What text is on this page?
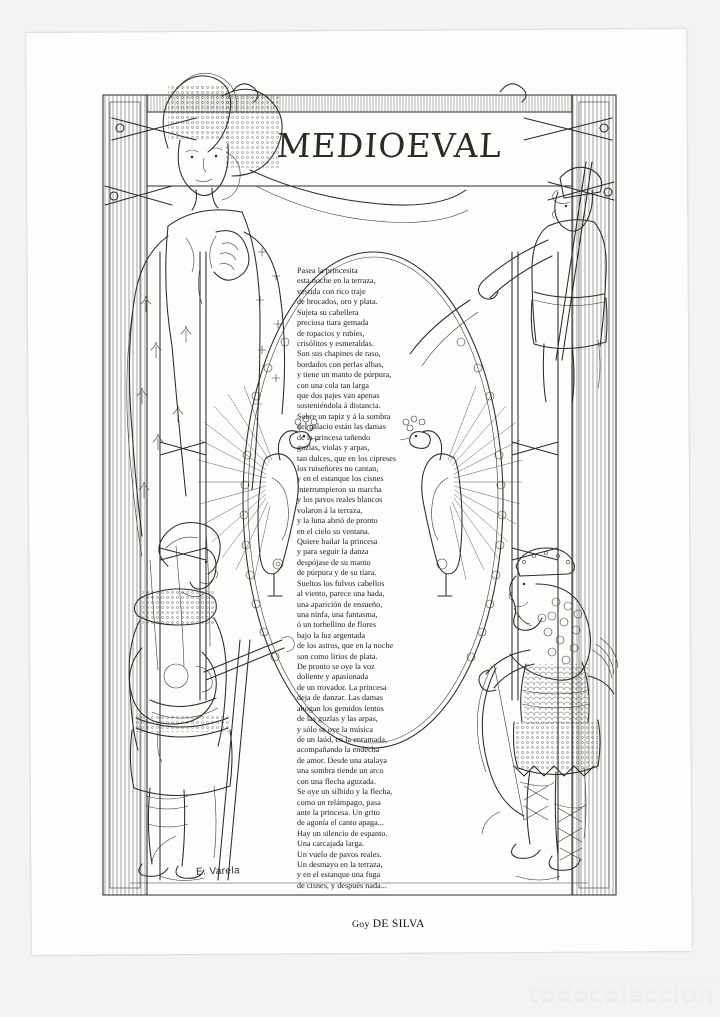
MEDIOEVAL
Pasea la princesita
esta noche en la terraza,
vestida con rico traje
de brocados, oro y plata.
Sujeta su cabellera
preciosa tiara gemada
de topacios y rubíes,
crisólitos y esmeraldas.
Son sus chapines de raso,
bordados con perlas albas,
y tiene un manto de púrpura,
con una cola tan larga
que dos pajes van apenas
sosteniéndola á distancia.
Sobre un tapiz y á la sombra
del palacio están las damas
de la princesa tañendo
guzlas, violas y arpas,
tan dulces, que en los cipreses
los ruiseñores no cantan,
y en el estanque los cisnes
interrumpieron su marcha
y los pavos reales blancos
volaron á la terraza,
y la luna abrió de pronto
en el cielo su ventana.
Quiere bailar la princesa
y para seguir la danza
despójase de su manto
de púrpura y de su tiara.
Sueltos los fulvos cabellos
al viento, parece una hada,
una aparición de ensueño,
una ninfa, una fantasma,
ó un torbellino de flores
bajo la luz argentada
de los astros, que en la noche
son como lirios de plata.
De pronto se oye la voz
doliente y apasionada
de un trovador. La princesa
deja de danzar. Las damas
ahogan los gemidos lentos
de las guzlas y las arpas,
y sólo se oye la música
de un laúd, en la enramada,
acompañando la endecha
de amor. Desde una atalaya
una sombra tiende un arco
con una flecha aguzada.
Se oye un silbido y la flecha,
como un relámpago, pasa
ante la princesa. Un grito
de agonía el canto apaga...
Hay un silencio de espanto.
Una carcajada larga.
Un vuelo de pavos reales.
Un desmayo en la terraza,
y en el estanque una fuga
de cisnes, y después nada...
Goy DE SILVA
E. Varela
todocoleccion
